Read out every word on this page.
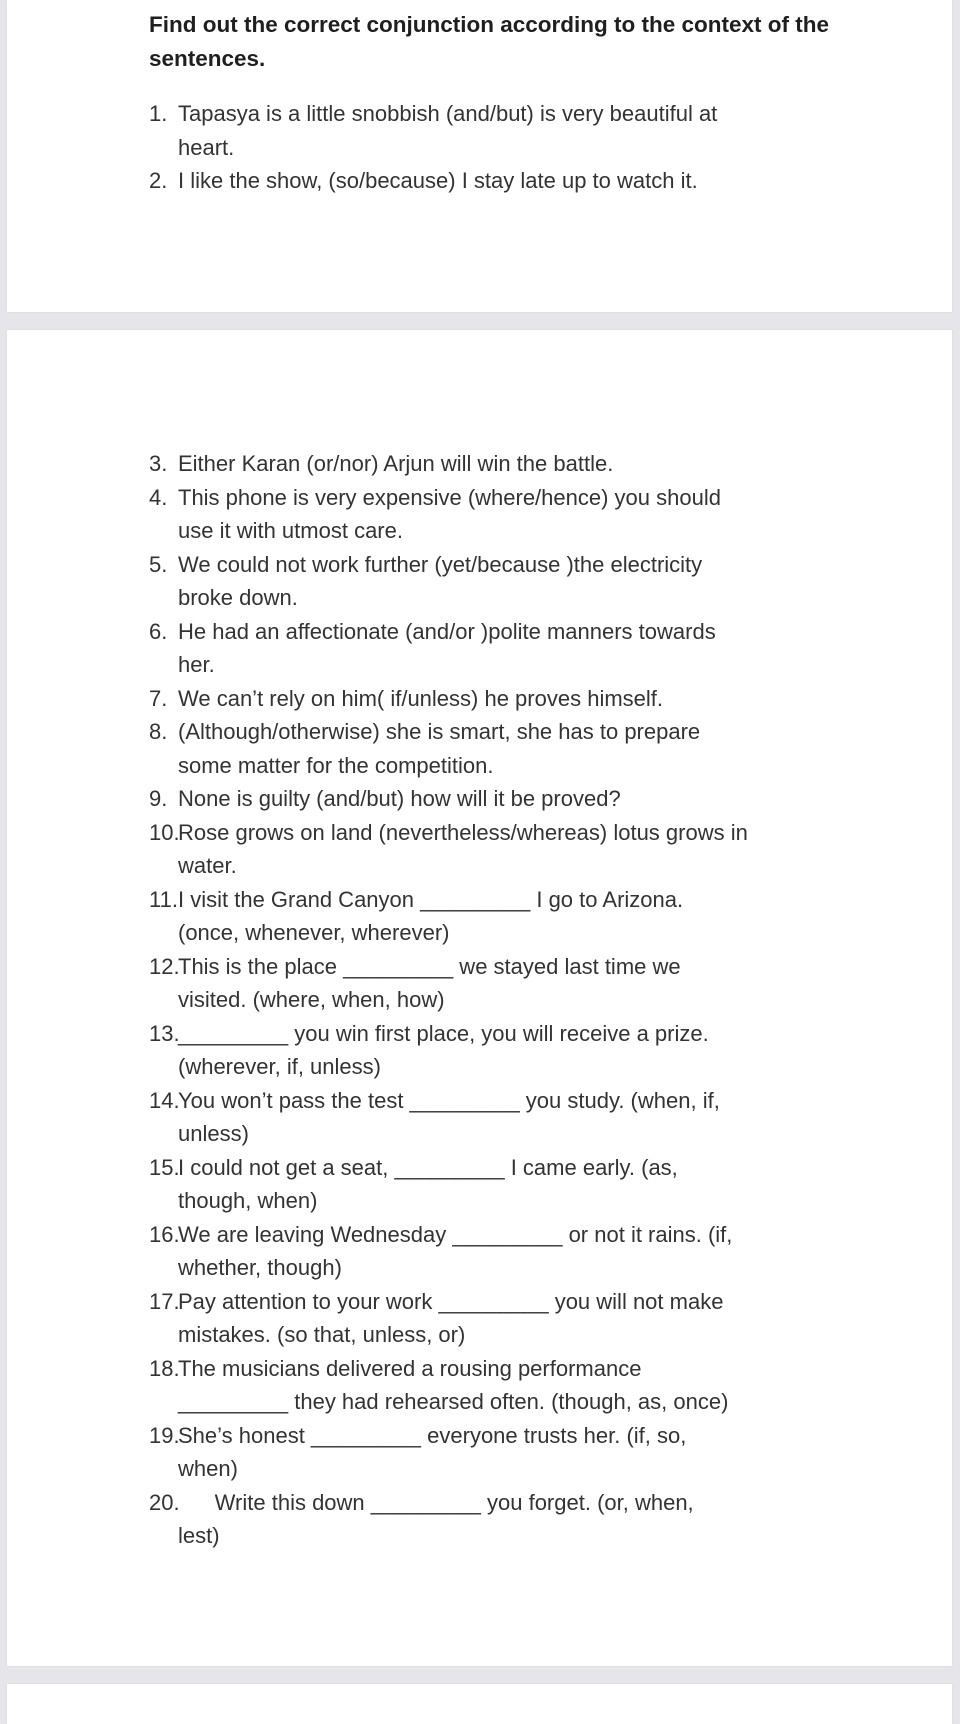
Find out the correct conjunction according to the context of the sentences.
1. Tapasya is a little snobbish (and/but) is very beautiful at
heart.
2. I like the show, (so/because) I stay late up to watch it.
3. Either Karan (or/nor) Arjun will win the battle.
4. This phone is very expensive (where/hence) you should
use it with utmost care.
5. We could not work further (yet/because )the electricity
broke down.
6. He had an affectionate (and/or )polite manners towards
her.
7. We can’t rely on him( if/unless) he proves himself.
8. (Although/otherwise) she is smart, she has to prepare
some matter for the competition.
9. None is guilty (and/but) how will it be proved?
10.
Rose grows on land (nevertheless/whereas) lotus grows in
water.
11. I visit the Grand Canyon _________ I go to Arizona.
(once, whenever, wherever)
12.
This is the place _________ we stayed last time we
visited. (where, when, how)
13.
_________ you win first place, you will receive a prize.
(wherever, if, unless)
14.
You won’t pass the test _________ you study. (when, if,
unless)
15.
I could not get a seat, _________ I came early. (as,
though, when)
16.
We are leaving Wednesday _________ or not it rains. (if,
whether, though)
17.
Pay attention to your work _________ you will not make
mistakes. (so that, unless, or)
18.
The musicians delivered a rousing performance
_________ they had rehearsed often. (though, as, once)
19.
She’s honest _________ everyone trusts her. (if, so,
when)
20.
Write this down _________ you forget. (or, when,
lest)
